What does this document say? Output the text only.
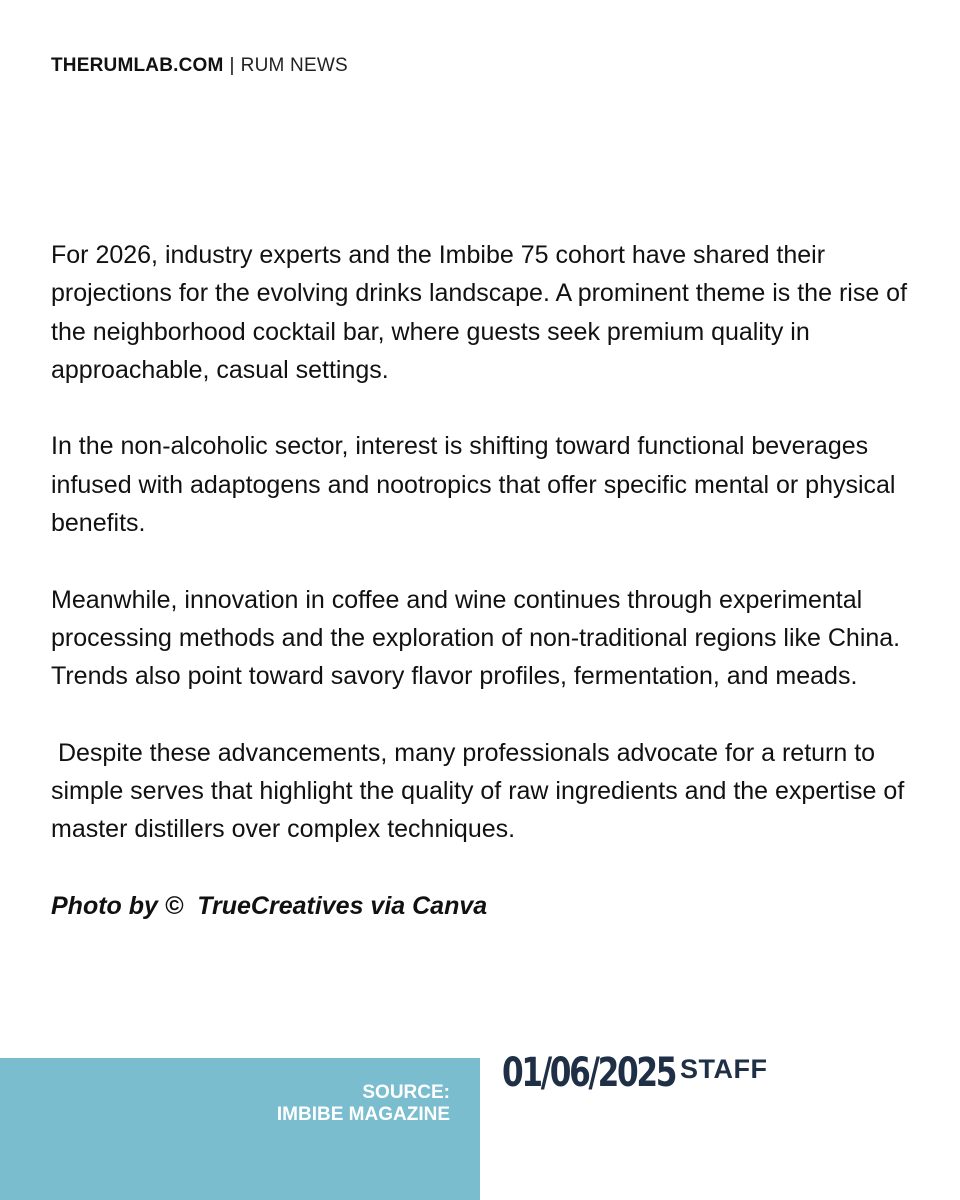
THERUMLAB.COM | RUM NEWS

For 2026, industry experts and the Imbibe 75 cohort have shared their projections for the evolving drinks landscape. A prominent theme is the rise of the neighborhood cocktail bar, where guests seek premium quality in approachable, casual settings.

In the non-alcoholic sector, interest is shifting toward functional beverages infused with adaptogens and nootropics that offer specific mental or physical benefits.

Meanwhile, innovation in coffee and wine continues through experimental processing methods and the exploration of non-traditional regions like China. Trends also point toward savory flavor profiles, fermentation, and meads.

Despite these advancements, many professionals advocate for a return to simple serves that highlight the quality of raw ingredients and the expertise of master distillers over complex techniques.

Photo by ©  TrueCreatives via Canva

SOURCE:
IMBIBE MAGAZINE
01/06/2025 STAFF
